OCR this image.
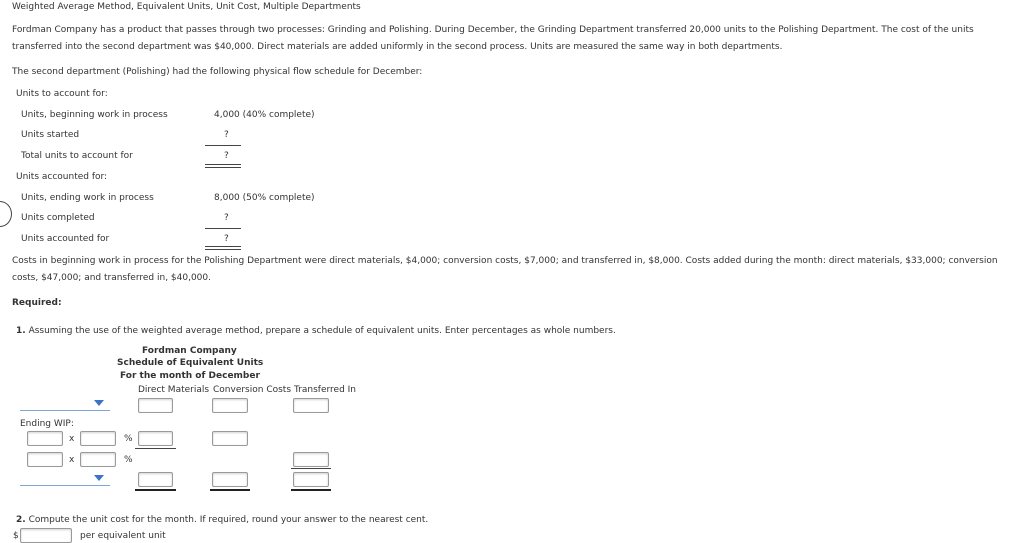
Weighted Average Method, Equivalent Units, Unit Cost, Multiple Departments
Fordman Company has a product that passes through two processes: Grinding and Polishing. During December, the Grinding Department transferred 20,000 units to the Polishing Department. The cost of the units transferred into the second department was $40,000. Direct materials are added uniformly in the second process. Units are measured the same way in both departments.
The second department (Polishing) had the following physical flow schedule for December:
Units to account for:
Units, beginning work in process	4,000 (40% complete)
Units started	?
Total units to account for	?
Units accounted for:
Units, ending work in process	8,000 (50% complete)
Units completed	?
Units accounted for	?
Costs in beginning work in process for the Polishing Department were direct materials, $4,000; conversion costs, $7,000; and transferred in, $8,000. Costs added during the month: direct materials, $33,000; conversion costs, $47,000; and transferred in, $40,000.
Required:
1. Assuming the use of the weighted average method, prepare a schedule of equivalent units. Enter percentages as whole numbers.
Fordman Company
Schedule of Equivalent Units
For the month of December
Direct Materials Conversion Costs Transferred In
Ending WIP:
x	%
x	%
2. Compute the unit cost for the month. If required, round your answer to the nearest cent.
$	per equivalent unit
